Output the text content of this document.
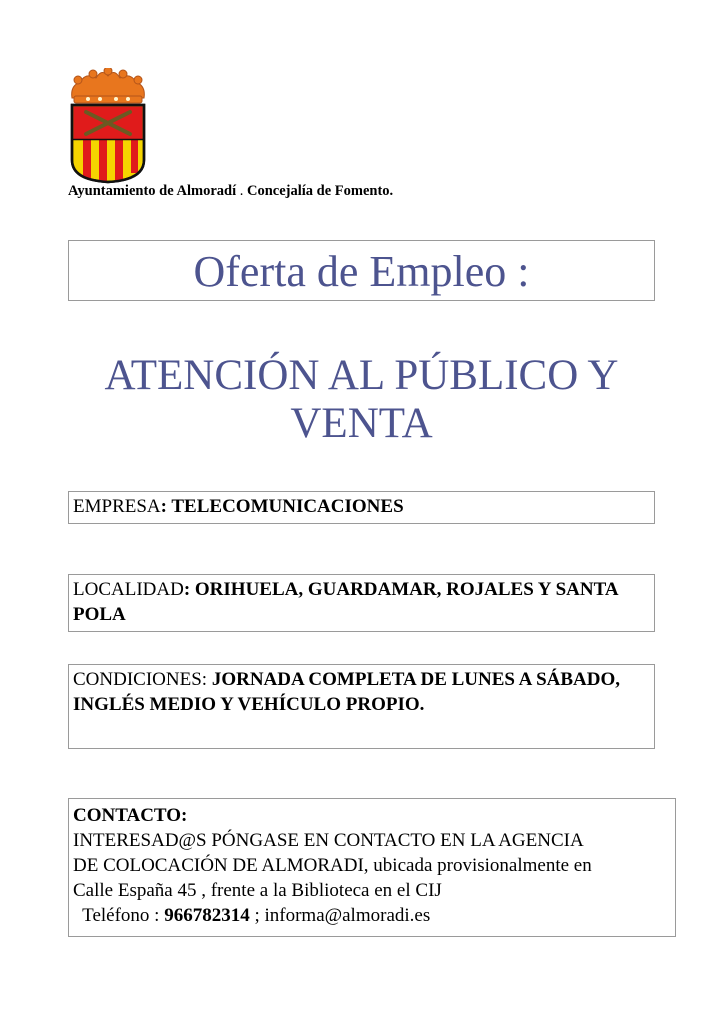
Ayuntamiento de Almoradí . Concejalía de Fomento.
Oferta de Empleo :
ATENCIÓN AL PÚBLICO Y
VENTA
EMPRESA: TELECOMUNICACIONES
LOCALIDAD: ORIHUELA, GUARDAMAR, ROJALES Y SANTA POLA
CONDICIONES: JORNADA COMPLETA DE LUNES A SÁBADO, INGLÉS MEDIO Y VEHÍCULO PROPIO.
CONTACTO:
INTERESAD@S PÓNGASE EN CONTACTO EN LA AGENCIA
DE COLOCACIÓN DE ALMORADI, ubicada provisionalmente en
Calle España 45 , frente a la Biblioteca en el CIJ
Teléfono : 966782314 ; informa@almoradi.es
